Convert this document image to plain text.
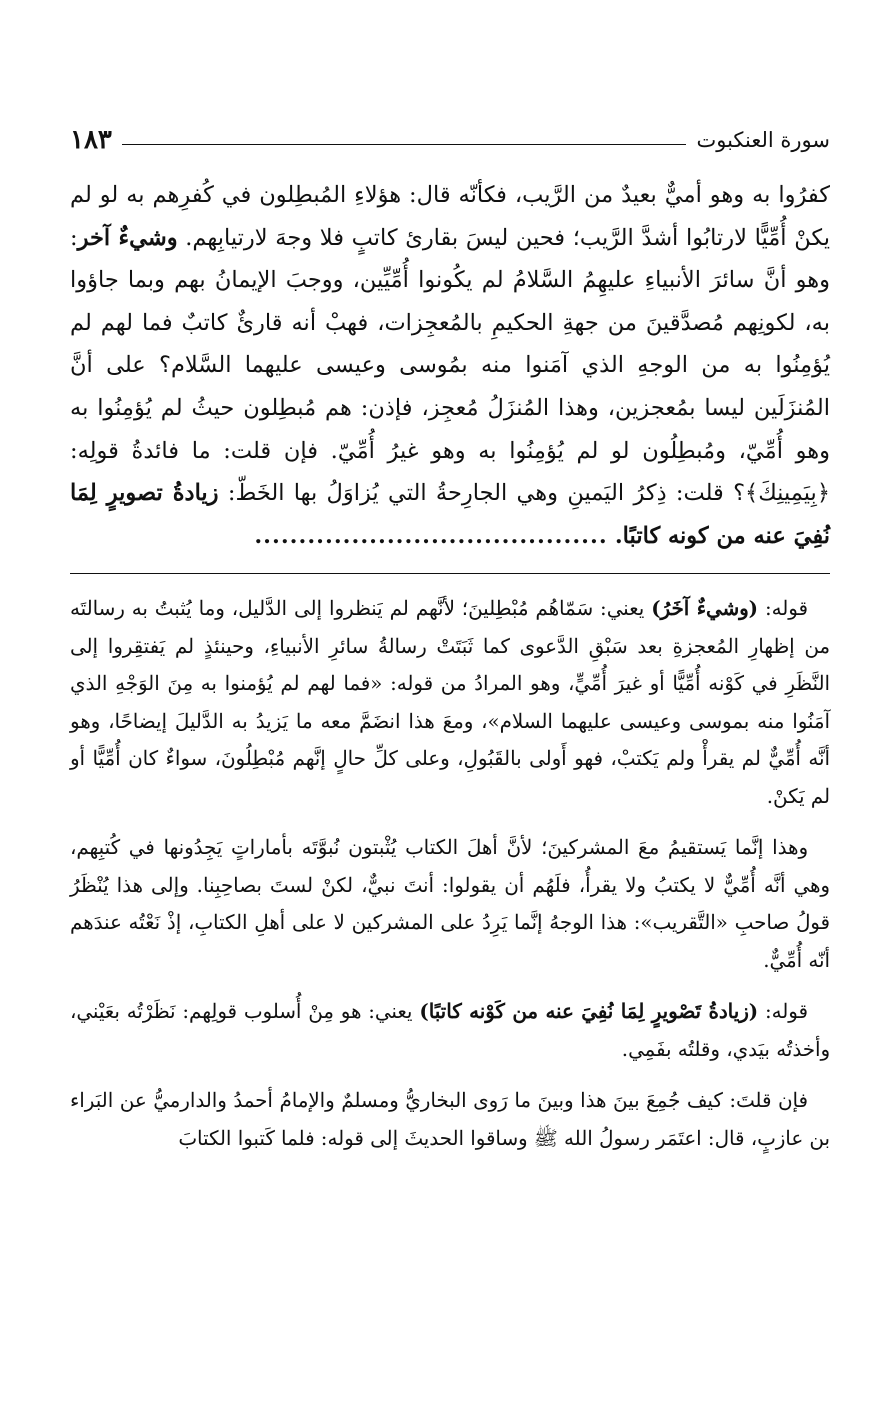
سورة العنكبوت
١٨٣

كفرُوا به وهو أميٌّ بعيدٌ من الرَّيب، فكأنّه قال: هؤلاءِ المُبطِلون في كُفرِهم به لو لم يكنْ أُمِّيًّا لارتابُوا أشدَّ الرَّيب؛ فحين ليسَ بقارئ كاتبٍ فلا وجهَ لارتيابِهم. وشيءٌ آخر: وهو أنَّ سائرَ الأنبياءِ عليهِمُ السَّلامُ لم يكُونوا أُمِّيِّين، ووجبَ الإيمانُ بهم وبما جاؤوا به، لكونِهم مُصدَّقينَ من جهةِ الحكيمِ بالمُعجِزات، فهبْ أنه قارئٌ كاتبٌ فما لهم لم يُؤمِنُوا به من الوجهِ الذي آمَنوا منه بمُوسى وعيسى عليهما السَّلام؟ على أنَّ المُنزَلَين ليسا بمُعجزين، وهذا المُنزَلُ مُعجِز، فإذن: هم مُبطِلون حيثُ لم يُؤمِنُوا به وهو أُمِّيّ، ومُبطِلُون لو لم يُؤمِنُوا به وهو غيرُ أُمِّيّ. فإن قلت: ما فائدةُ قولِه: ﴿بِيَمِينِكَ﴾؟ قلت: ذِكرُ اليَمينِ وهي الجارِحةُ التي يُزاوَلُ بها الخَطّ: زيادةُ تصويرٍ لِمَا نُفِيَ عنه من كونه كاتبًا. ........................................

قوله: (وشيءٌ آخَرُ) يعني: سَمّاهُم مُبْطِلينَ؛ لأنَّهم لم يَنظروا إلى الدَّليل، وما يُثبتُ به رسالتَه من إظهارِ المُعجزةِ بعد سَبْقِ الدَّعوى كما ثَبَتَتْ رسالةُ سائرِ الأنبياءِ، وحينئذٍ لم يَفتقِروا إلى النَّظَرِ في كَوْنه أُمِّيًّا أو غيرَ أُمِّيٍّ، وهو المرادُ من قوله: «فما لهم لم يُؤمنوا به مِنَ الوَجْهِ الذي آمَنُوا منه بموسى وعيسى عليهما السلام»، ومعَ هذا انضَمَّ معه ما يَزيدُ به الدَّليلَ إيضاحًا، وهو أنَّه أُمِّيٌّ لم يقرأْ ولم يَكتبْ، فهو أَولى بالقَبُولِ، وعلى كلِّ حالٍ إنَّهم مُبْطِلُونَ، سواءٌ كان أُمِّيًّا أو لم يَكنْ.

وهذا إنَّما يَستقيمُ معَ المشركينَ؛ لأنَّ أهلَ الكتاب يُثْبتون نُبوَّتَه بأماراتٍ يَجِدُونها في كُتبِهم، وهي أنَّه أُمِّيٌّ لا يكتبُ ولا يقرأُ، فلَهُم أن يقولوا: أنتَ نبيٌّ، لكنْ لستَ بصاحِبِنا. وإلى هذا يُنْظَرُ قولُ صاحبِ «التَّقريب»: هذا الوجهُ إنَّما يَرِدُ على المشركين لا على أهلِ الكتابِ، إذْ نَعْتُه عندَهم أنّه أُمِّيٌّ.

قوله: (زيادةُ تَصْويرٍ لِمَا نُفِيَ عنه من كَوْنه كاتبًا) يعني: هو مِنْ أُسلوب قولِهم: نَظَرْتُه بعَيْني، وأخذتُه بيَدي، وقلتُه بفَمِي.

فإن قلتَ: كيف جُمِعَ بينَ هذا وبينَ ما رَوى البخاريُّ ومسلمٌ والإمامُ أحمدُ والدارميُّ عن البَراء بن عازبٍ، قال: اعتَمَر رسولُ الله ﷺ وساقوا الحديثَ إلى قوله: فلما كَتبوا الكتابَ
